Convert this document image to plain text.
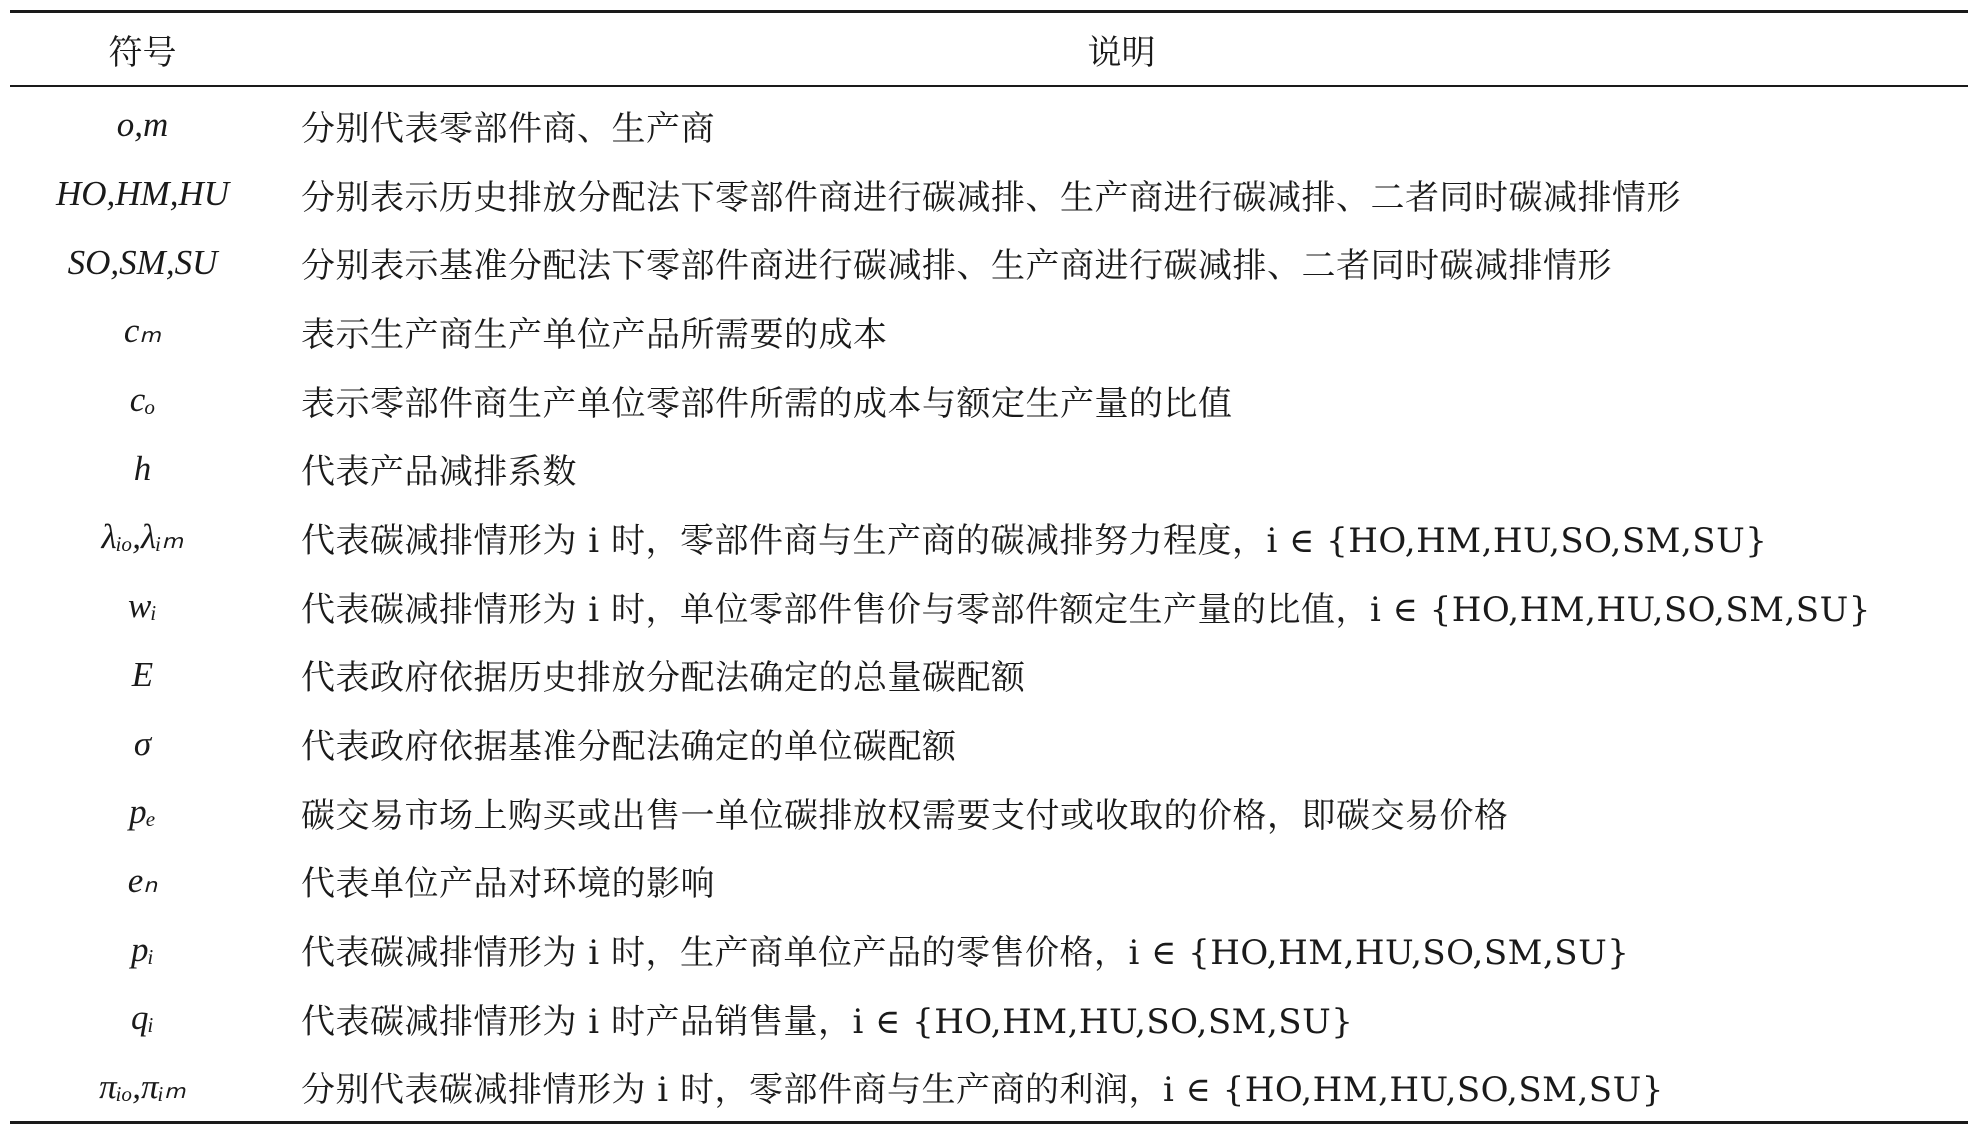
符号	说明

o,m	分别代表零部件商、生产商
HO,HM,HU	分别表示历史排放分配法下零部件商进行碳减排、生产商进行碳减排、二者同时碳减排情形
SO,SM,SU	分别表示基准分配法下零部件商进行碳减排、生产商进行碳减排、二者同时碳减排情形
cₘ	表示生产商生产单位产品所需要的成本
cₒ	表示零部件商生产单位零部件所需的成本与额定生产量的比值
h	代表产品减排系数
λᵢₒ,λᵢₘ	代表碳减排情形为 i 时，零部件商与生产商的碳减排努力程度，i ∈ {HO,HM,HU,SO,SM,SU}
wᵢ	代表碳减排情形为 i 时，单位零部件售价与零部件额定生产量的比值，i ∈ {HO,HM,HU,SO,SM,SU}
E	代表政府依据历史排放分配法确定的总量碳配额
σ	代表政府依据基准分配法确定的单位碳配额
pₑ	碳交易市场上购买或出售一单位碳排放权需要支付或收取的价格，即碳交易价格
eₙ	代表单位产品对环境的影响
pᵢ	代表碳减排情形为 i 时，生产商单位产品的零售价格，i ∈ {HO,HM,HU,SO,SM,SU}
qᵢ	代表碳减排情形为 i 时产品销售量，i ∈ {HO,HM,HU,SO,SM,SU}
πᵢₒ,πᵢₘ	分别代表碳减排情形为 i 时，零部件商与生产商的利润，i ∈ {HO,HM,HU,SO,SM,SU}
